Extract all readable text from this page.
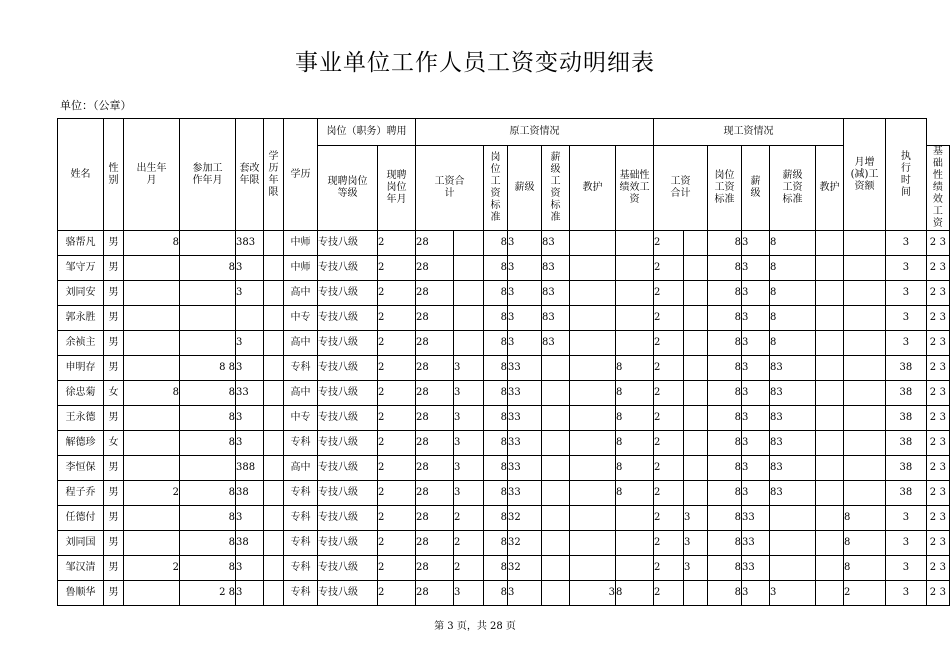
事业单位工作人员工资变动明细表
单位：（公章）
姓名	性别	出生年月	参加工作年月	套改年限	学历年限	学历	岗位（职务）聘用		原工资情况							现工资情况						月增(减)工资额	执行时间	
							现聘岗位等级	现聘岗位年月	工资合计		岗位工资标准	薪级	薪级工资标准	教护	基础性绩效工资	工资合计		岗位工资标准	薪级	薪级工资标准	教护			基础性绩效工资
骆帮凡	男	8		383		中师	专技八级	2	28		8	3	83			2		8	3	8			3	2 3

邹守万	男		8	3		中师	专技八级	2	28		8	3	83			2		8	3	8			3	2 3

刘同安	男			3		高中	专技八级	2	28		8	3	83			2		8	3	8			3	2 3

郭永胜	男					中专	专技八级	2	28		8	3	83			2		8	3	8			3	2 3

余祯主	男			3		高中	专技八级	2	28		8	3	83			2		8	3	8			3	2 3

申明存	男		8 8	3		专科	专技八级	2	28	3	8	33			8	2		8	3	83			38	2 3

徐忠菊	女	8	8	33		高中	专技八级	2	28	3	8	33			8	2		8	3	83			38	2 3

王永德	男		8	3		中专	专技八级	2	28	3	8	33			8	2		8	3	83			38	2 3

解德珍	女		8	3		专科	专技八级	2	28	3	8	33			8	2		8	3	83			38	2 3

李恒保	男			388		高中	专技八级	2	28	3	8	33			8	2		8	3	83			38	2 3

程子乔	男	2	8	38		专科	专技八级	2	28	3	8	33			8	2		8	3	83			38	2 3

任德付	男		8	3		专科	专技八级	2	28	2	8	32				2	3	8	33			8	3	2 3

刘同国	男		8	38		专科	专技八级	2	28	2	8	32				2	3	8	33			8	3	2 3

邹汉清	男	2	8	3		专科	专技八级	2	28	2	8	32				2	3	8	33			8	3	2 3

鲁顺华	男		2 8	3		专科	专技八级	2	28	3	8	3		3	8	2		8	3	3		2	3	2 3
第 3 页，共 28 页
